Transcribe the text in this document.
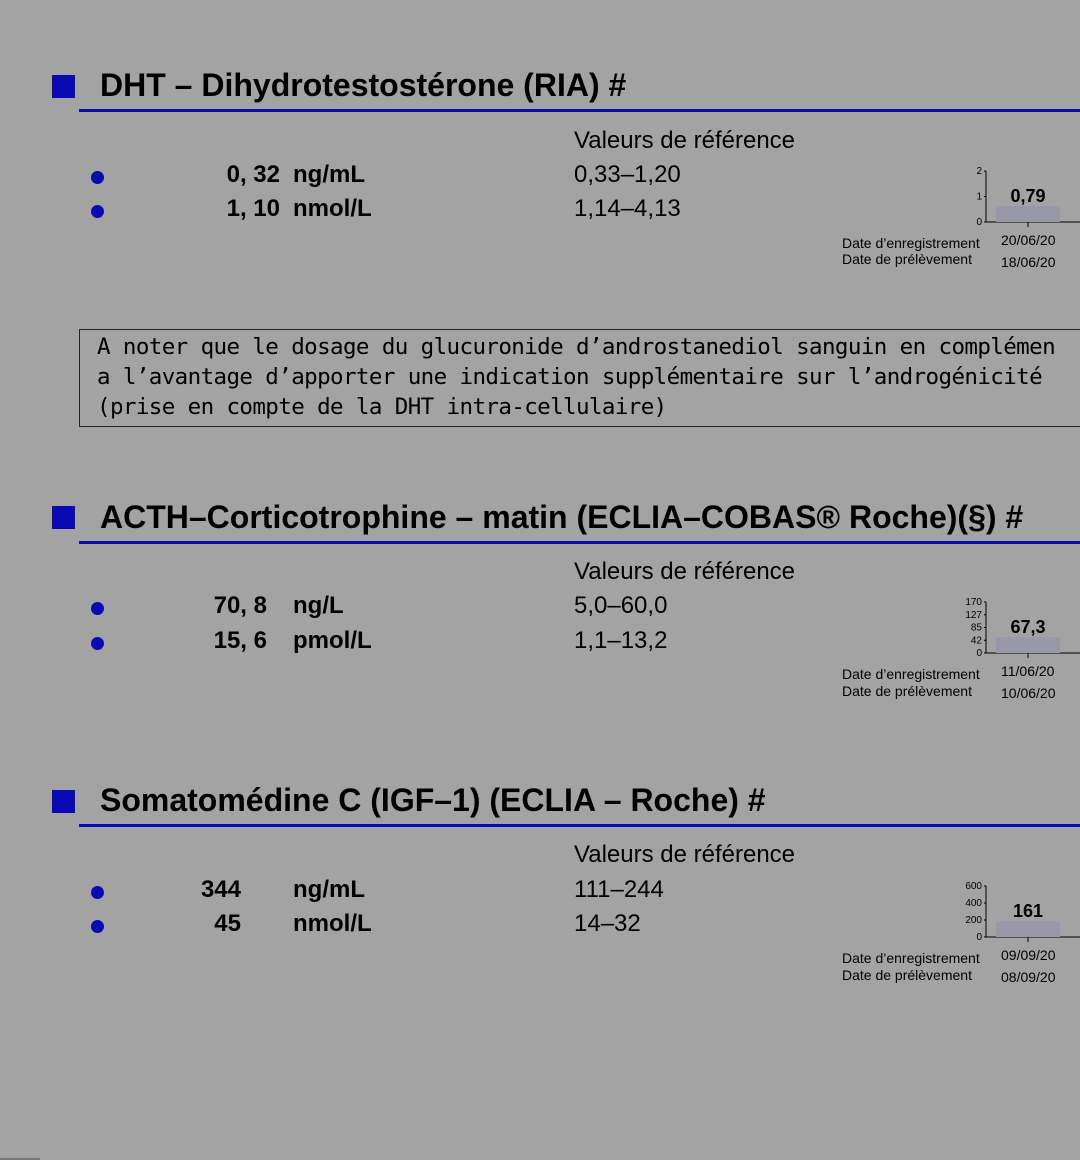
DHT – Dihydrotestostérone (RIA) #
Valeurs de référence
0, 32 ng/mL	0,33–1,20
1, 10 nmol/L	1,14–4,13
2
1
0
0,79
Date d’enregistrement 20/06/20
Date de prélèvement 18/06/20
A noter que le dosage du glucuronide d’androstanediol sanguin en complémen
a l’avantage d’apporter une indication supplémentaire sur l’androgénicité
(prise en compte de la DHT intra-cellulaire)
ACTH–Corticotrophine – matin (ECLIA–COBAS® Roche)(§) #
Valeurs de référence
70, 8 ng/L	5,0–60,0
15, 6 pmol/L	1,1–13,2
170
127
85
42
0
67,3
Date d’enregistrement 11/06/20
Date de prélèvement 10/06/20
Somatomédine C (IGF–1) (ECLIA – Roche) #
Valeurs de référence
344 ng/mL	111–244
45 nmol/L	14–32
600
400
200
0
161
Date d’enregistrement 09/09/20
Date de prélèvement 08/09/20
